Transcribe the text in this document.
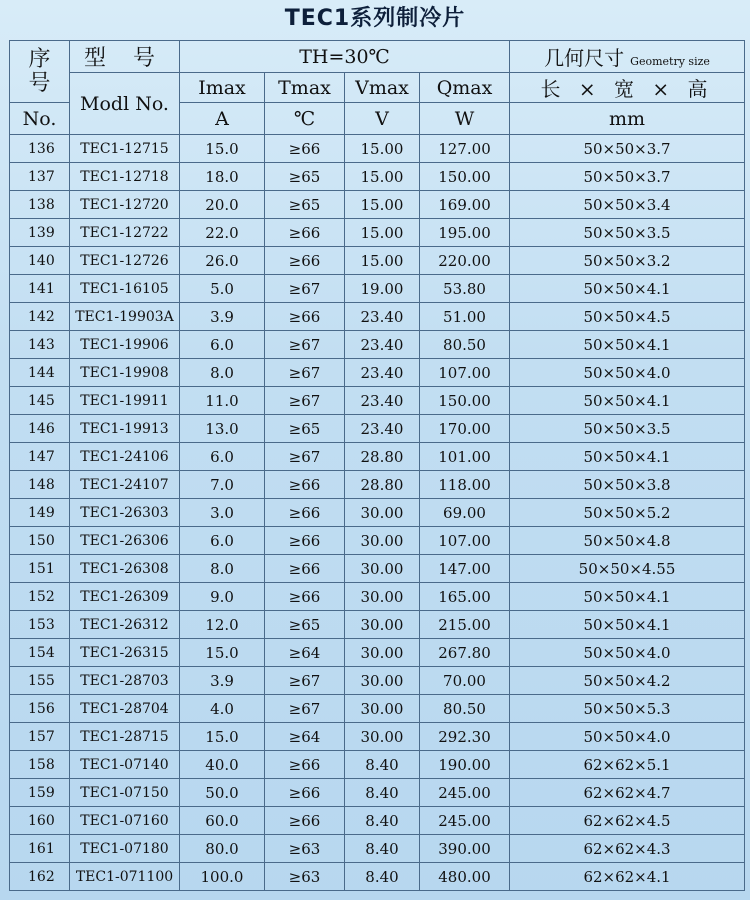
TEC1系列制冷片
序
号	型 号	TH=30℃				几何尺寸 Geometry size
	Modl No.	Imax	Tmax	Vmax	Qmax	长 × 宽 × 高
No.		A	℃	V	W	mm
136	TEC1-12715	15.0	≥66	15.00	127.00	50×50×3.7
137	TEC1-12718	18.0	≥65	15.00	150.00	50×50×3.7
138	TEC1-12720	20.0	≥65	15.00	169.00	50×50×3.4
139	TEC1-12722	22.0	≥66	15.00	195.00	50×50×3.5
140	TEC1-12726	26.0	≥66	15.00	220.00	50×50×3.2
141	TEC1-16105	5.0	≥67	19.00	53.80	50×50×4.1
142	TEC1-19903A	3.9	≥66	23.40	51.00	50×50×4.5
143	TEC1-19906	6.0	≥67	23.40	80.50	50×50×4.1
144	TEC1-19908	8.0	≥67	23.40	107.00	50×50×4.0
145	TEC1-19911	11.0	≥67	23.40	150.00	50×50×4.1
146	TEC1-19913	13.0	≥65	23.40	170.00	50×50×3.5
147	TEC1-24106	6.0	≥67	28.80	101.00	50×50×4.1
148	TEC1-24107	7.0	≥66	28.80	118.00	50×50×3.8
149	TEC1-26303	3.0	≥66	30.00	69.00	50×50×5.2
150	TEC1-26306	6.0	≥66	30.00	107.00	50×50×4.8
151	TEC1-26308	8.0	≥66	30.00	147.00	50×50×4.55
152	TEC1-26309	9.0	≥66	30.00	165.00	50×50×4.1
153	TEC1-26312	12.0	≥65	30.00	215.00	50×50×4.1
154	TEC1-26315	15.0	≥64	30.00	267.80	50×50×4.0
155	TEC1-28703	3.9	≥67	30.00	70.00	50×50×4.2
156	TEC1-28704	4.0	≥67	30.00	80.50	50×50×5.3
157	TEC1-28715	15.0	≥64	30.00	292.30	50×50×4.0
158	TEC1-07140	40.0	≥66	8.40	190.00	62×62×5.1
159	TEC1-07150	50.0	≥66	8.40	245.00	62×62×4.7
160	TEC1-07160	60.0	≥66	8.40	245.00	62×62×4.5
161	TEC1-07180	80.0	≥63	8.40	390.00	62×62×4.3
162	TEC1-071100	100.0	≥63	8.40	480.00	62×62×4.1
